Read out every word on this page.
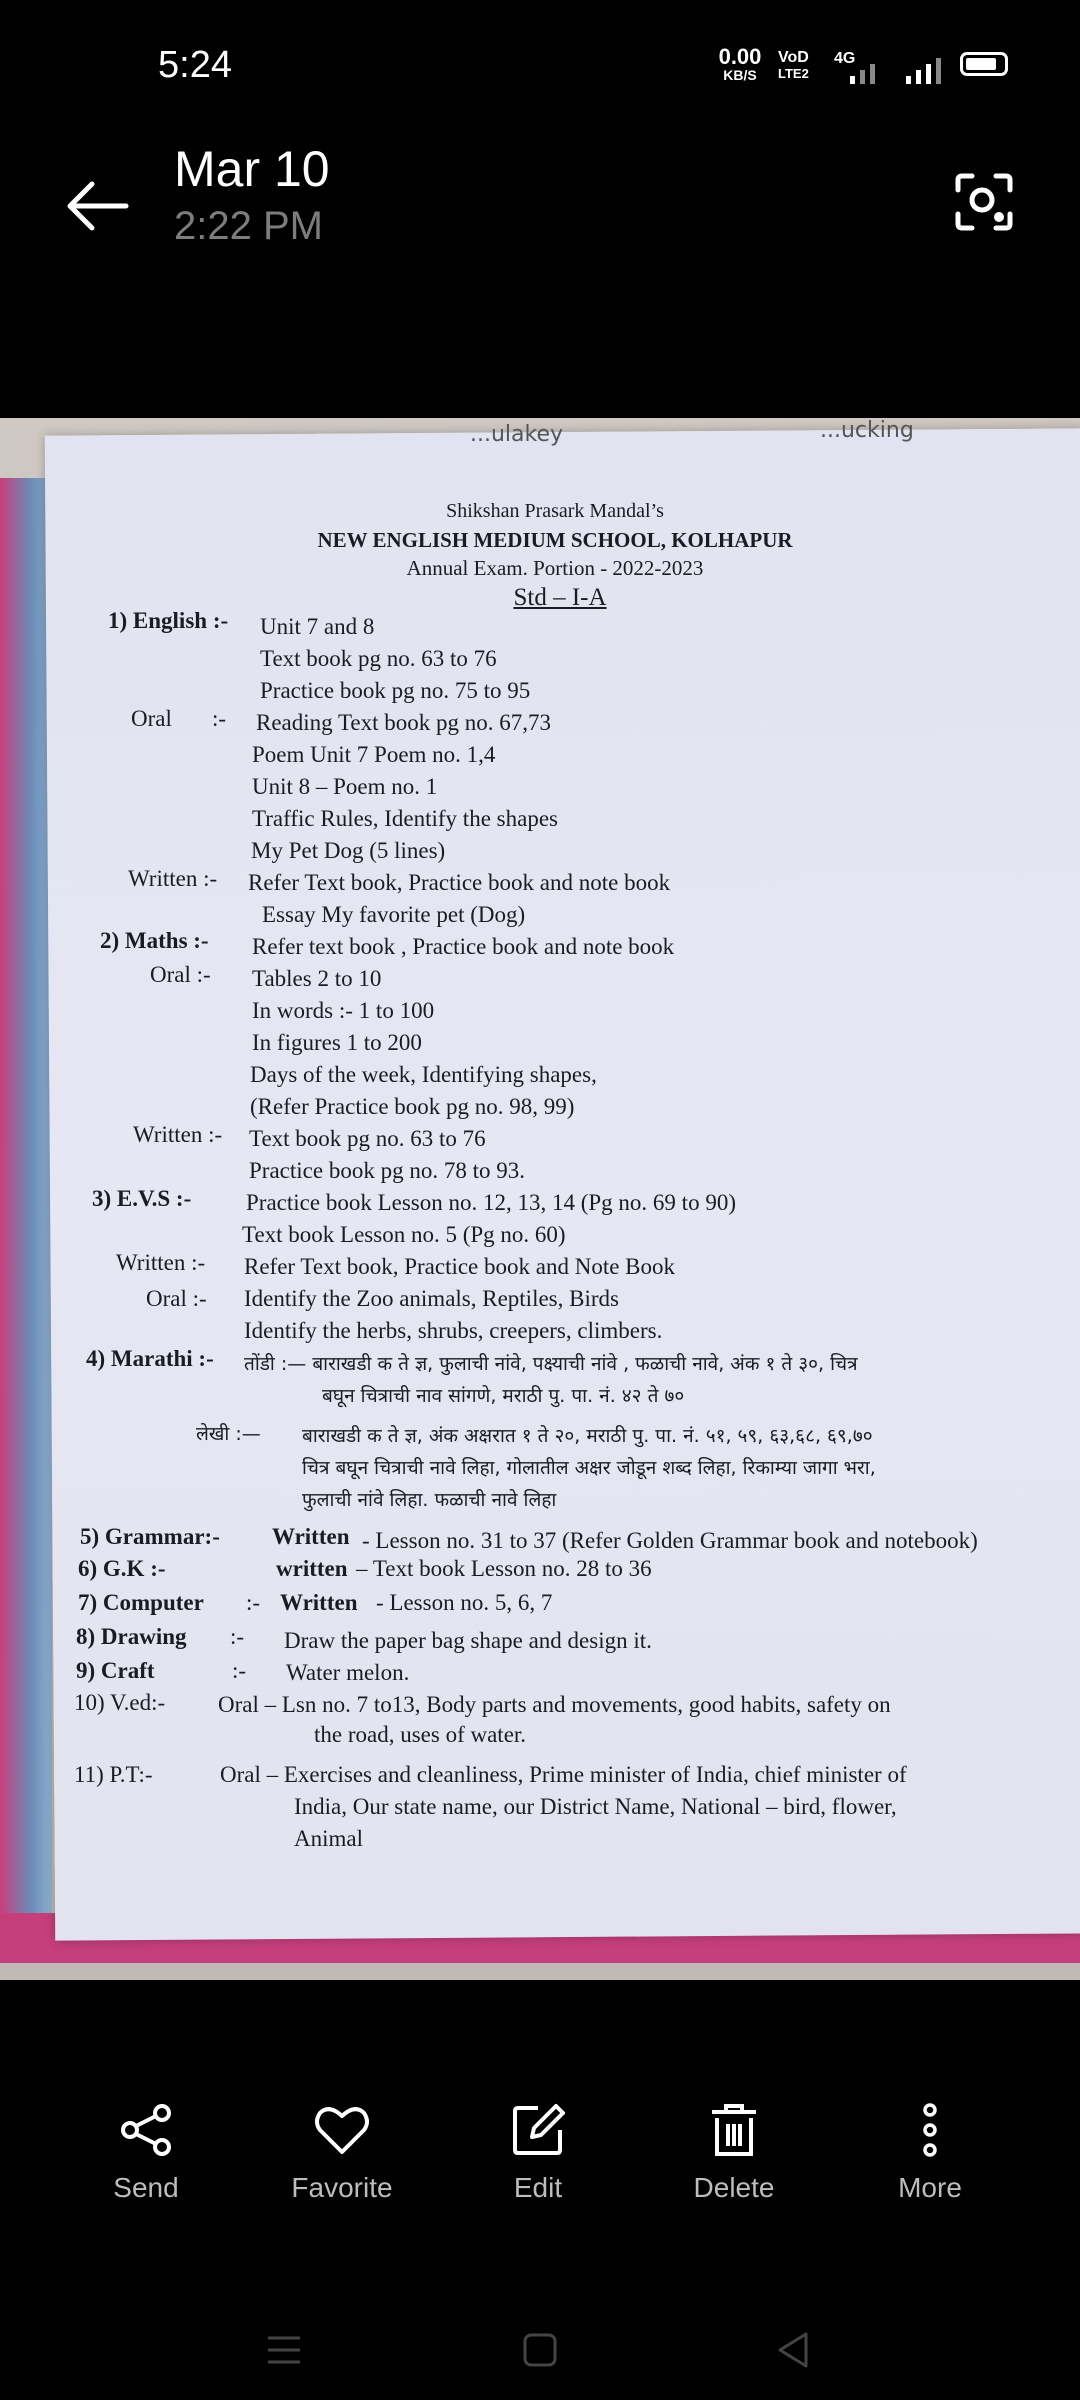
5:24	0.00
KB/S
VoD
LTE2
4G
Mar 10
2:22 PM
...ulakey	...ucking
Shikshan Prasark Mandal’s
NEW ENGLISH MEDIUM SCHOOL, KOLHAPUR
Annual Exam. Portion - 2022-2023
Std – I-A
1) English :- Unit 7 and 8
Text book pg no. 63 to 76
Practice book pg no. 75 to 95
Oral :- Reading Text book pg no. 67,73
Poem Unit 7 Poem no. 1,4
Unit 8 – Poem no. 1
Traffic Rules, Identify the shapes
My Pet Dog (5 lines)
Written :- Refer Text book, Practice book and note book
Essay My favorite pet (Dog)
2) Maths :- Refer text book , Practice book and note book
Oral :- Tables 2 to 10
In words :- 1 to 100
In figures 1 to 200
Days of the week, Identifying shapes,
(Refer Practice book pg no. 98, 99)
Written :- Text book pg no. 63 to 76
Practice book pg no. 78 to 93.
3) E.V.S :- Practice book Lesson no. 12, 13, 14 (Pg no. 69 to 90)
Text book Lesson no. 5 (Pg no. 60)
Written :- Refer Text book, Practice book and Note Book
Oral :- Identify the Zoo animals, Reptiles, Birds
Identify the herbs, shrubs, creepers, climbers.
4) Marathi :- तोंडी :— बाराखडी क ते ज्ञ, फुलाची नांवे, पक्ष्याची नांवे , फळाची नावे, अंक १ ते ३०, चित्र
बघून चित्राची नाव सांगणे, मराठी पु. पा. नं. ४२ ते ७०
लेखी :— बाराखडी क ते ज्ञ, अंक अक्षरात १ ते २०, मराठी पु. पा. नं. ५१, ५९, ६३,६८, ६९,७०
चित्र बघून चित्राची नावे लिहा, गोलातील अक्षर जोडून शब्द लिहा, रिकाम्या जागा भरा,
फुलाची नांवे लिहा. फळाची नावे लिहा
5) Grammar:- Written - Lesson no. 31 to 37 (Refer Golden Grammar book and notebook)
6) G.K :-	written – Text book Lesson no. 28 to 36
7) Computer :- Written - Lesson no. 5, 6, 7
8) Drawing :- Draw the paper bag shape and design it.
9) Craft	:- Water melon.
10) V.ed:- Oral – Lsn no. 7 to13, Body parts and movements, good habits, safety on
the road, uses of water.
11) P.T:-	Oral – Exercises and cleanliness, Prime minister of India, chief minister of
India, Our state name, our District Name, National – bird, flower,
Animal
Send	Favorite	Edit	Delete	More
